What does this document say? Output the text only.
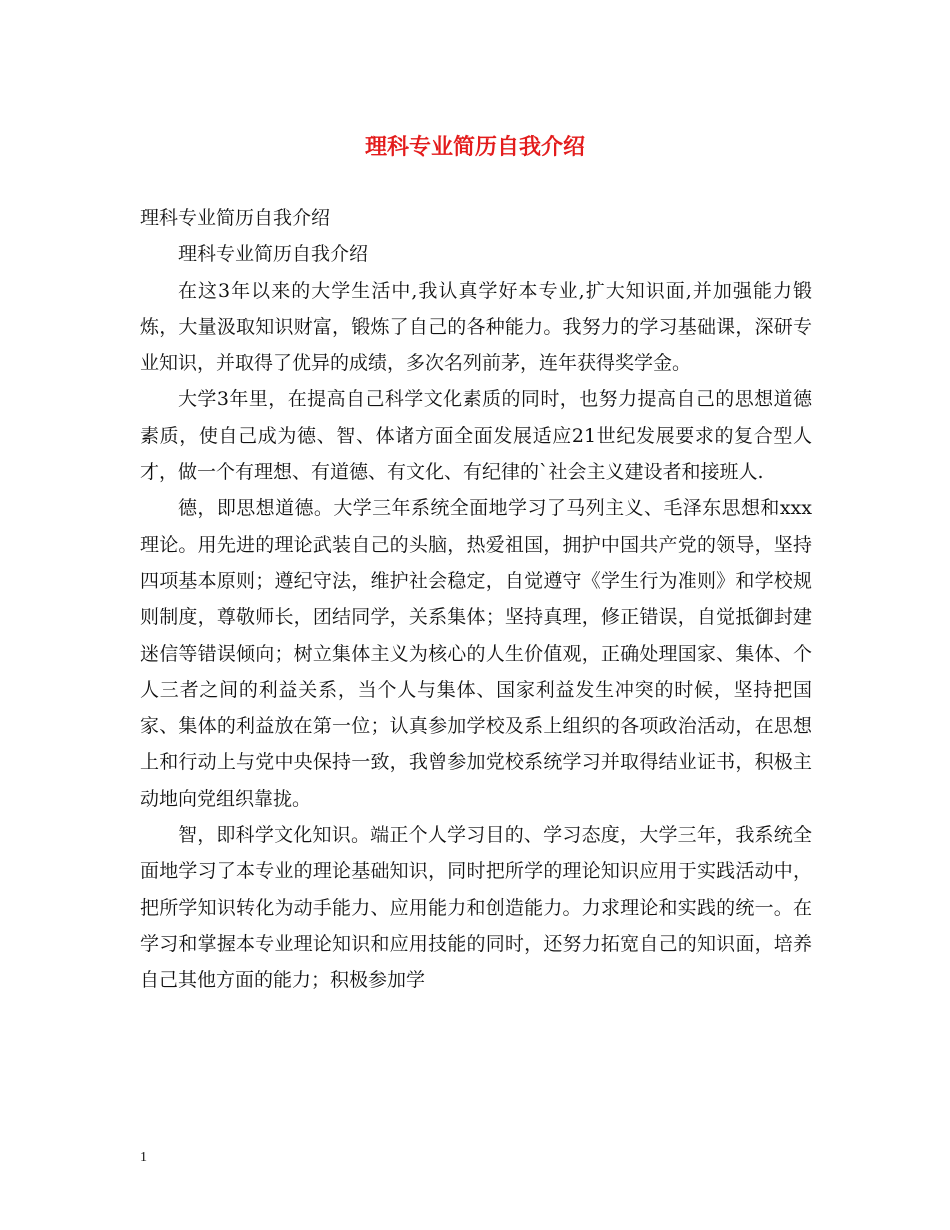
理科专业简历自我介绍

理科专业简历自我介绍

理科专业简历自我介绍

在这3年以来的大学生活中,我认真学好本专业,扩大知识面,并加强能力锻炼，大量汲取知识财富，锻炼了自己的各种能力。我努力的学习基础课，深研专业知识，并取得了优异的成绩，多次名列前茅，连年获得奖学金。

大学3年里，在提高自己科学文化素质的同时，也努力提高自己的思想道德素质，使自己成为德、智、体诸方面全面发展适应21世纪发展要求的复合型人才，做一个有理想、有道德、有文化、有纪律的`社会主义建设者和接班人.

德，即思想道德。大学三年系统全面地学习了马列主义、毛泽东思想和xxx理论。用先进的理论武装自己的头脑，热爱祖国，拥护中国共产党的领导，坚持四项基本原则；遵纪守法，维护社会稳定，自觉遵守《学生行为准则》和学校规则制度，尊敬师长，团结同学，关系集体；坚持真理，修正错误，自觉抵御封建迷信等错误倾向；树立集体主义为核心的人生价值观，正确处理国家、集体、个人三者之间的利益关系，当个人与集体、国家利益发生冲突的时候，坚持把国家、集体的利益放在第一位；认真参加学校及系上组织的各项政治活动，在思想上和行动上与党中央保持一致，我曾参加党校系统学习并取得结业证书，积极主动地向党组织靠拢。

智，即科学文化知识。端正个人学习目的、学习态度，大学三年，我系统全面地学习了本专业的理论基础知识，同时把所学的理论知识应用于实践活动中，把所学知识转化为动手能力、应用能力和创造能力。力求理论和实践的统一。在学习和掌握本专业理论知识和应用技能的同时，还努力拓宽自己的知识面，培养自己其他方面的能力；积极参加学

1
